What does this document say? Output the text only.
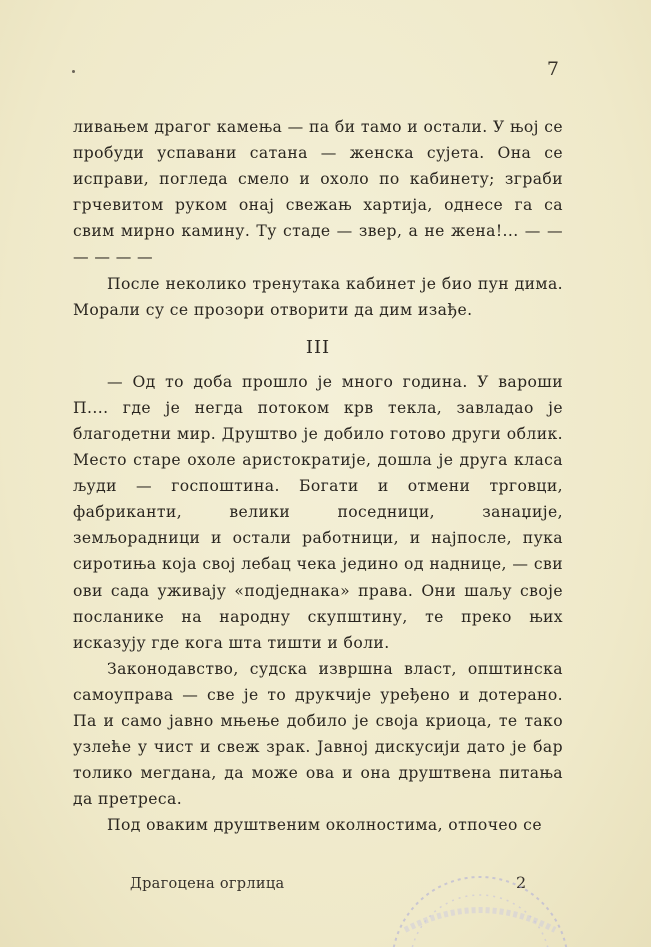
7

ливањем драгог камења — па би тамо и остали. У њој се пробуди успавани сатана — женска сујета. Она се исправи, погледа смело и охоло по кабинету; зграби грчевитом руком онај свежањ хартија, однесе га са свим мирно камину. Ту стаде — звер, а не жена!... — — — — — —

После неколико тренутака кабинет је био пун дима. Морали су се прозори отворити да дим изађе.

III

— Од то доба прошло је много година. У вароши П.... где је негда потоком крв текла, завладао је благодетни мир. Друштво је добило готово други облик. Место старе охоле аристократије, дошла је друга класа људи — госпоштина. Богати и отмени трговци, фабриканти, велики поседници, занаџије, земљорадници и остали работници, и најпосле, пука сиротиња која свој лебац чека једино од наднице, — сви ови сада уживају «подједнака» права. Они шаљу своје посланике на народну скупштину, те преко њих исказују где кога шта тишти и боли.

Законодавство, судска извршна власт, општинска самоуправа — све је то друкчије уређено и дотерано. Па и само јавно мњење добило је своја криоца, те тако узлеће у чист и свеж зрак. Јавној дискусији дато је бар толико мегдана, да може ова и она друштвена питања да претреса.

Под оваким друштвеним околностима, отпочео се

Драгоцена огрлица	2
